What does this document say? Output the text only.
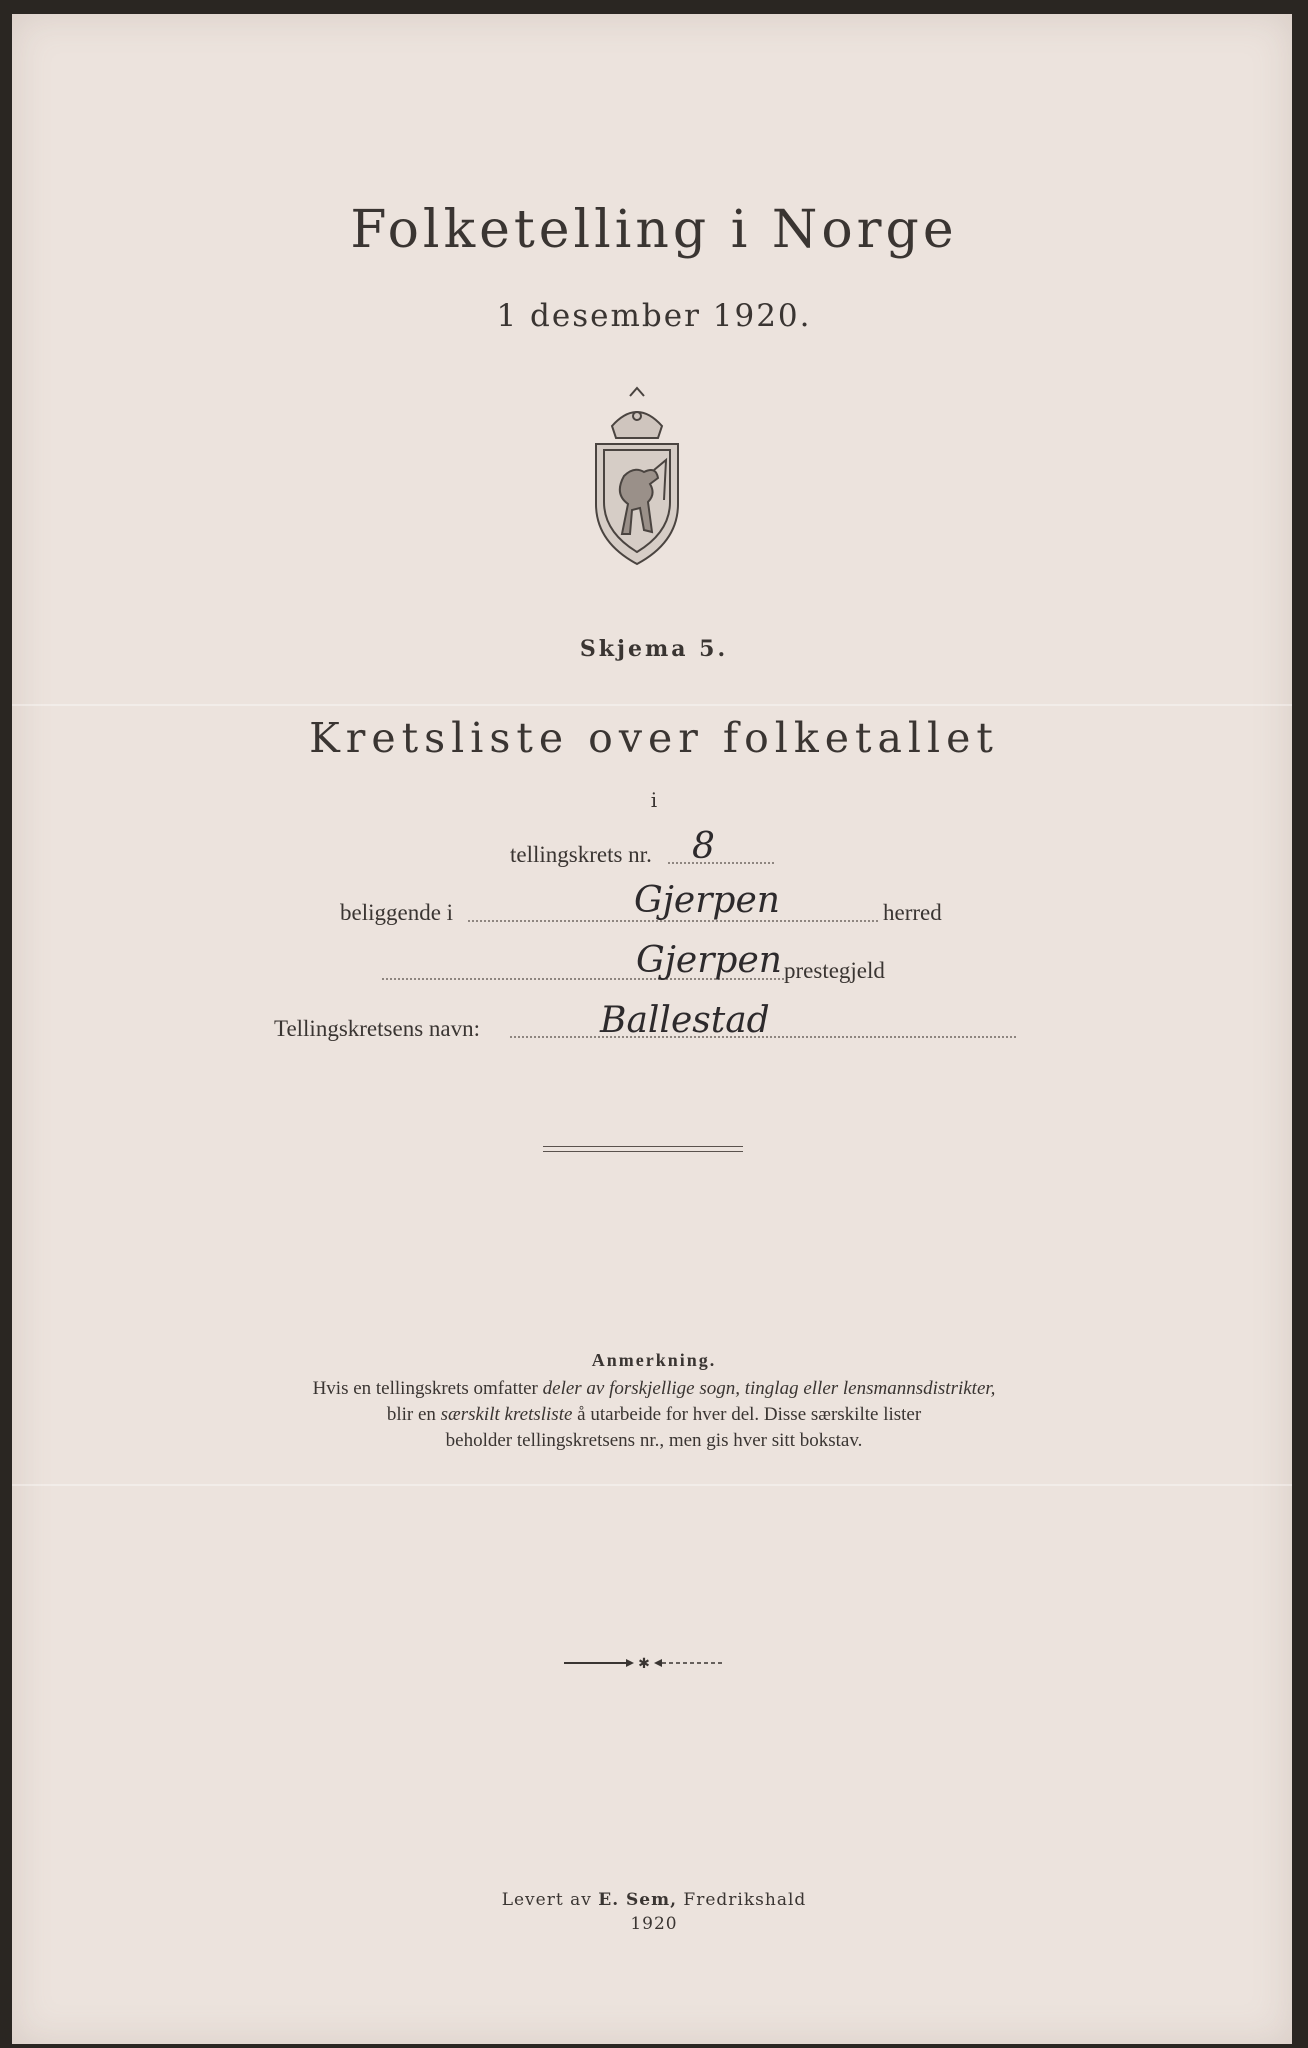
Folketelling i Norge
1 desember 1920.
Skjema 5.
Kretsliste over folketallet
i
tellingskrets nr. 8
beliggende i	Gjerpen	herred
Gjerpen prestegjeld
Tellingskretsens navn:	Ballestad
Anmerkning.
Hvis en tellingskrets omfatter deler av forskjellige sogn, tinglag eller lensmannsdistrikter,
blir en særskilt kretsliste å utarbeide for hver del. Disse særskilte lister
beholder tellingskretsens nr., men gis hver sitt bokstav.
✱
Levert av E. Sem, Fredrikshald
1920
